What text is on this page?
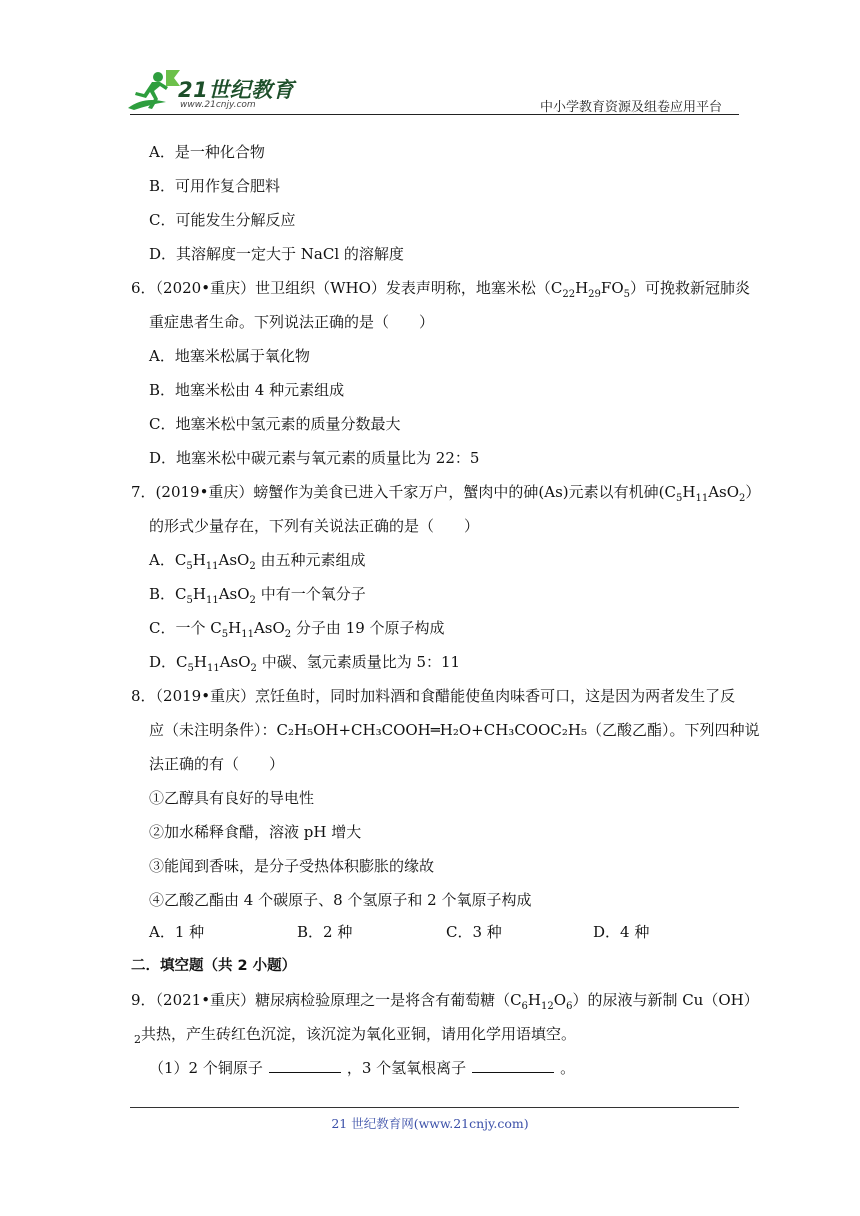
21世纪教育
www.21cnjy.com	中小学教育资源及组卷应用平台
A．是一种化合物
B．可用作复合肥料
C．可能发生分解反应
D．其溶解度一定大于 NaCl 的溶解度
6．（2020•重庆）世卫组织（WHO）发表声明称，地塞米松$(C_{22}H_{29}FO_5)$可挽救新冠肺炎
重症患者生命。下列说法正确的是（　　）
A．地塞米松属于氧化物
B．地塞米松由 4 种元素组成
C．地塞米松中氢元素的质量分数最大
D．地塞米松中碳元素与氧元素的质量比为 22：5
7．(2019•重庆）螃蟹作为美食已进入千家万户，蟹肉中的砷(As)元素以有机砷$(C_5H_{11}AsO_2)$
的形式少量存在，下列有关说法正确的是（　　）
A．$C_5H_{11}AsO_2$ 由五种元素组成
B．$C_5H_{11}AsO_2$ 中有一个氧分子
C．一个 $C_5H_{11}AsO_2$ 分子由 19 个原子构成
D．$C_5H_{11}AsO_2$ 中碳、氢元素质量比为 5：11
8．（2019•重庆）烹饪鱼时，同时加料酒和食醋能使鱼肉味香可口，这是因为两者发生了反
应（未注明条件）：C₂H₅OH+CH₃COOH═H₂O+CH₃COOC₂H₅（乙酸乙酯）。下列四种说
法正确的有（　　）
①乙醇具有良好的导电性
②加水稀释食醋，溶液 pH 增大
③能闻到香味，是分子受热体积膨胀的缘故
④乙酸乙酯由 4 个碳原子、8 个氢原子和 2 个氧原子构成
A．1 种	B．2 种	C．3 种	D．4 种
二．填空题（共 2 小题）
9．（2021•重庆）糖尿病检验原理之一是将含有葡萄糖$(C_6H_{12}O_6)$的尿液与新制 Cu（OH）
$_2$共热，产生砖红色沉淀，该沉淀为氧化亚铜，请用化学用语填空。
（1）2 个铜原子	，3 个氢氧根离子	。
21 世纪教育网(www.21cnjy.com)
